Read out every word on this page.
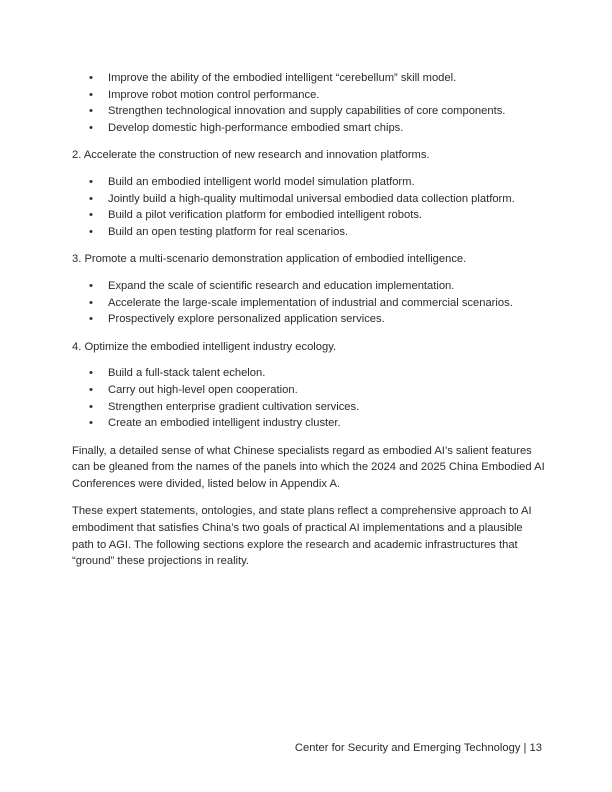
• Improve the ability of the embodied intelligent “cerebellum” skill model.
• Improve robot motion control performance.
• Strengthen technological innovation and supply capabilities of core components.
• Develop domestic high-performance embodied smart chips.

2. Accelerate the construction of new research and innovation platforms.

• Build an embodied intelligent world model simulation platform.
• Jointly build a high-quality multimodal universal embodied data collection platform.
• Build a pilot verification platform for embodied intelligent robots.
• Build an open testing platform for real scenarios.

3. Promote a multi-scenario demonstration application of embodied intelligence.

• Expand the scale of scientific research and education implementation.
• Accelerate the large-scale implementation of industrial and commercial scenarios.
• Prospectively explore personalized application services.

4. Optimize the embodied intelligent industry ecology.

• Build a full-stack talent echelon.
• Carry out high-level open cooperation.
• Strengthen enterprise gradient cultivation services.
• Create an embodied intelligent industry cluster.

Finally, a detailed sense of what Chinese specialists regard as embodied AI’s salient features can be gleaned from the names of the panels into which the 2024 and 2025 China Embodied AI Conferences were divided, listed below in Appendix A.

These expert statements, ontologies, and state plans reflect a comprehensive approach to AI embodiment that satisfies China’s two goals of practical AI implementations and a plausible path to AGI. The following sections explore the research and academic infrastructures that “ground” these projections in reality.

Center for Security and Emerging Technology | 13
